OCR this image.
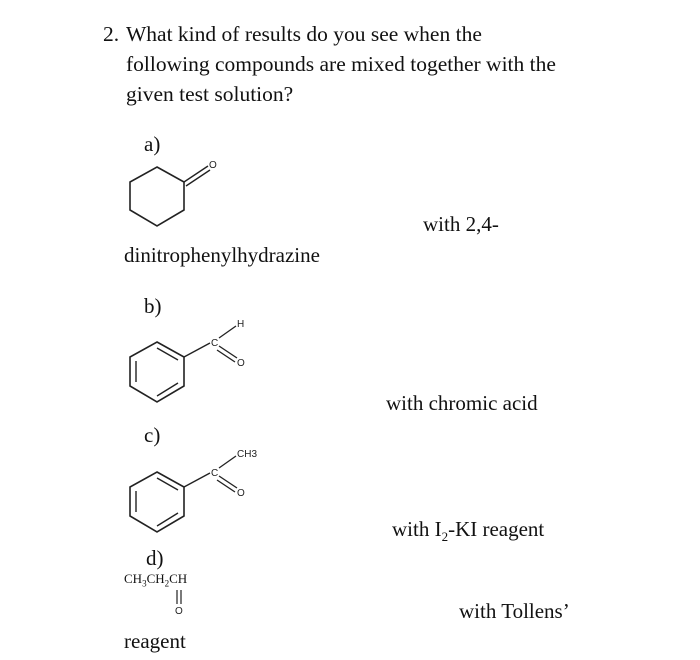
2. What kind of results do you see when the
following compounds are mixed together with the
given test solution?
a)
O
with 2,4-
dinitrophenylhydrazine
b)
C
H
O
with chromic acid
c)
C
CH3
O
with $I_2-KI$ reagent
d)
$CH_3CH_2CH$
O	with Tollens’
reagent
